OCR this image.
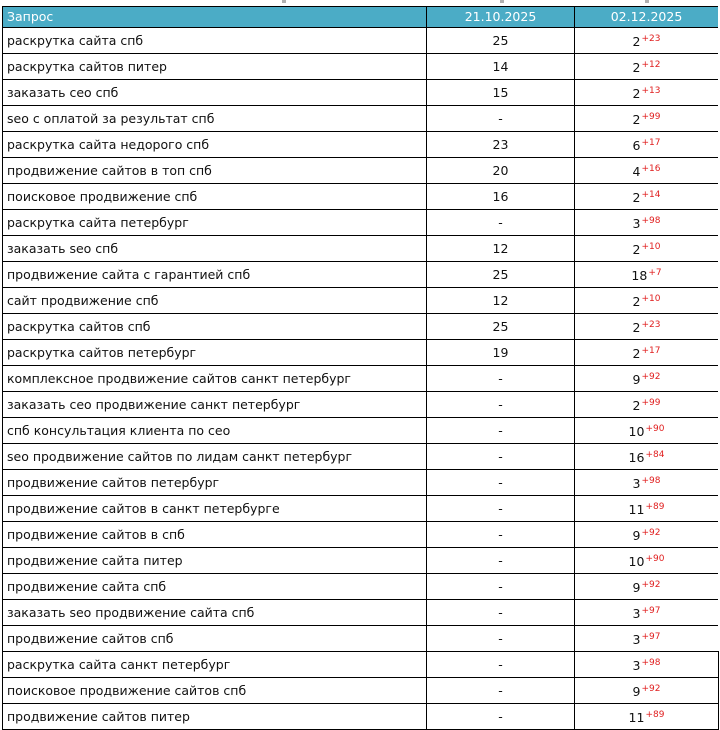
Запрос	21.10.2025	02.12.2025
раскрутка сайта спб	25	$2^{+23}$
раскрутка сайтов питер	14	$2^{+12}$
заказать сео спб	15	$2^{+13}$
seo с оплатой за результат спб	-	$2^{+99}$
раскрутка сайта недорого спб	23	$6^{+17}$
продвижение сайтов в топ спб	20	$4^{+16}$
поисковое продвижение спб	16	$2^{+14}$
раскрутка сайта петербург	-	$3^{+98}$
заказать seo спб	12	$2^{+10}$
продвижение сайта с гарантией спб	25	$18^{+7}$
сайт продвижение спб	12	$2^{+10}$
раскрутка сайтов спб	25	$2^{+23}$
раскрутка сайтов петербург	19	$2^{+17}$
комплексное продвижение сайтов санкт петербург	-	$9^{+92}$
заказать сео продвижение санкт петербург	-	$2^{+99}$
спб консультация клиента по сео	-	$10^{+90}$
seo продвижение сайтов по лидам санкт петербург	-	$16^{+84}$
продвижение сайтов петербург	-	$3^{+98}$
продвижение сайтов в санкт петербурге	-	$11^{+89}$
продвижение сайтов в спб	-	$9^{+92}$
продвижение сайта питер	-	$10^{+90}$
продвижение сайта спб	-	$9^{+92}$
заказать seo продвижение сайта спб	-	$3^{+97}$
продвижение сайтов спб	-	$3^{+97}$
раскрутка сайта санкт петербург	-	$3^{+98}$
поисковое продвижение сайтов спб	-	$9^{+92}$
продвижение сайтов питер	-	$11^{+89}$
